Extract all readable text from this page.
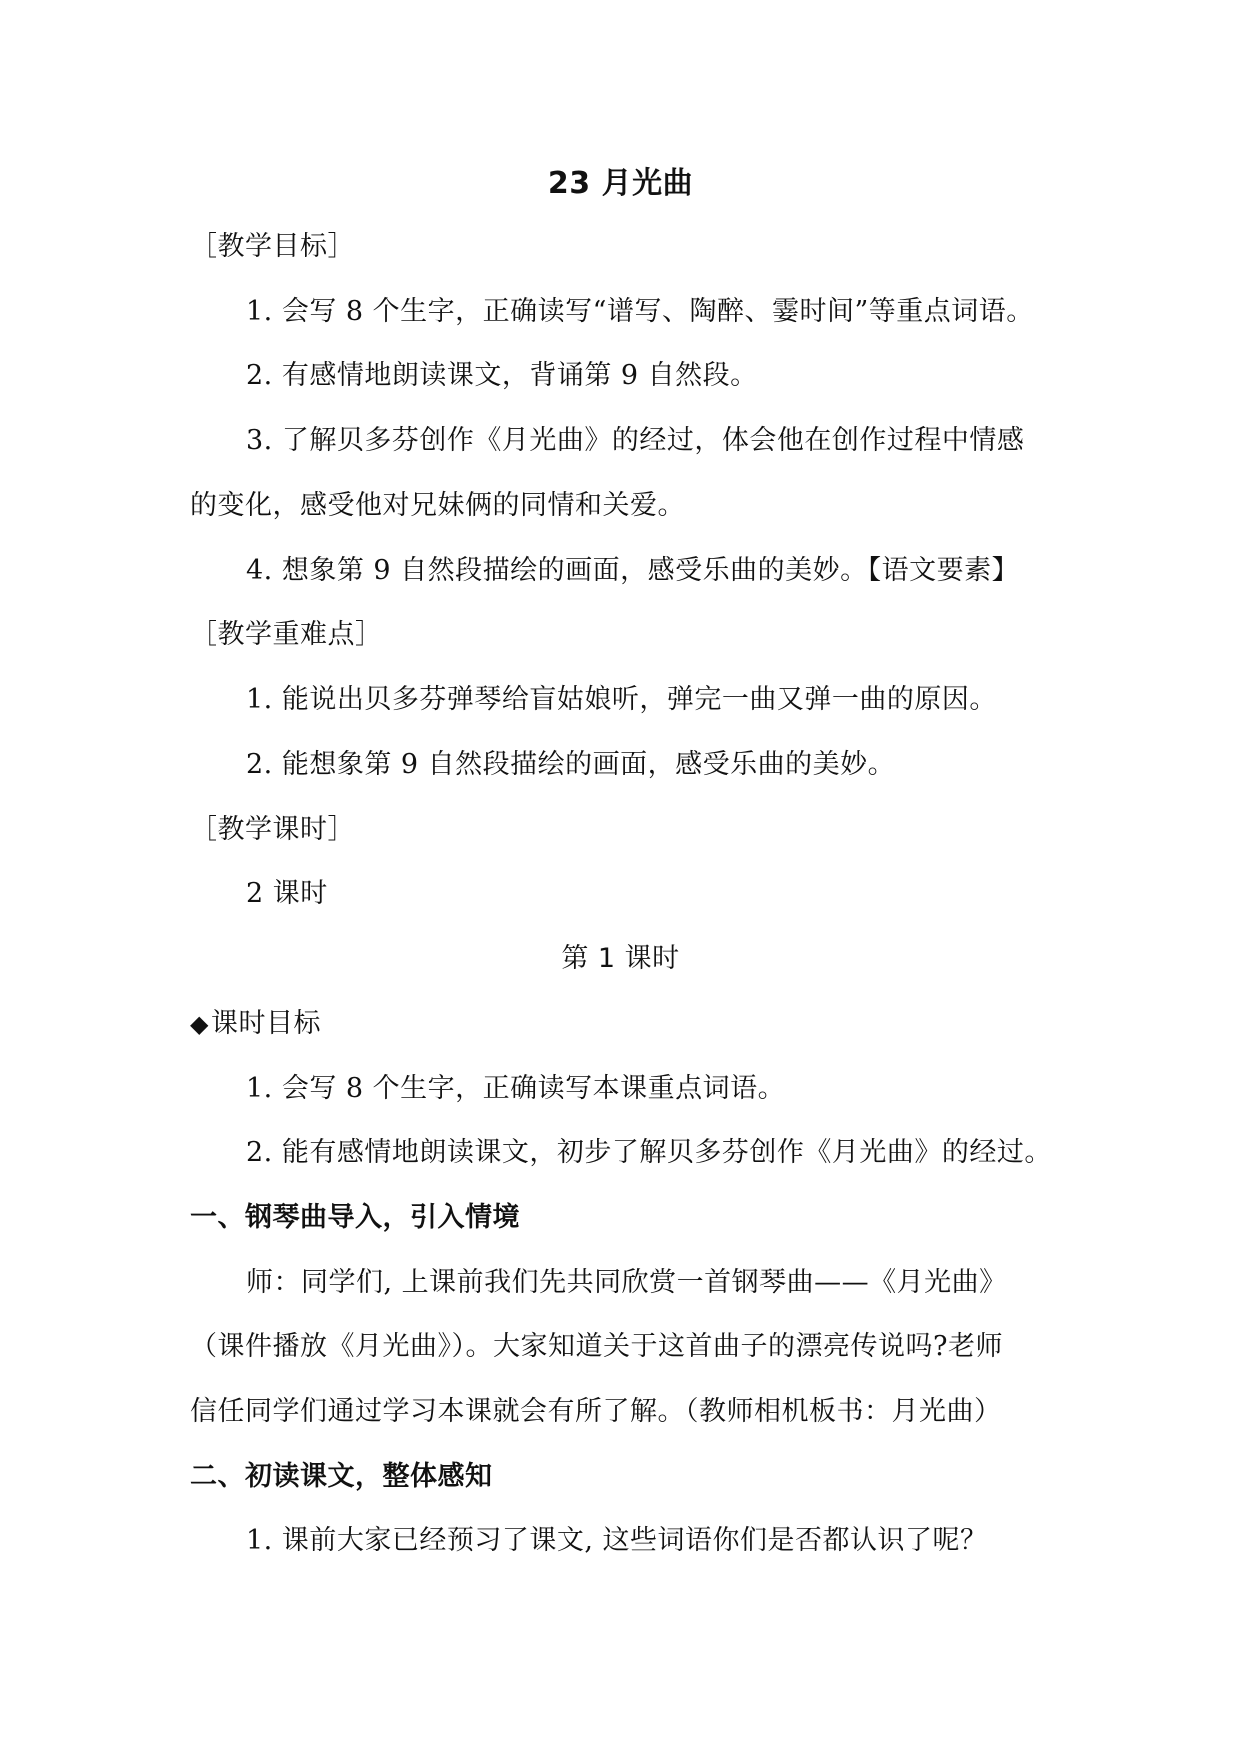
23 月光曲
［教学目标］
1. 会写 8 个生字，正确读写“谱写、陶醉、霎时间”等重点词语。
2. 有感情地朗读课文，背诵第 9 自然段。
3. 了解贝多芬创作《月光曲》的经过，体会他在创作过程中情感
的变化，感受他对兄妹俩的同情和关爱。
4. 想象第 9 自然段描绘的画面，感受乐曲的美妙。【语文要素】
［教学重难点］
1. 能说出贝多芬弹琴给盲姑娘听，弹完一曲又弹一曲的原因。
2. 能想象第 9 自然段描绘的画面，感受乐曲的美妙。
［教学课时］
2 课时
第 1 课时
◆课时目标
1. 会写 8 个生字，正确读写本课重点词语。
2. 能有感情地朗读课文，初步了解贝多芬创作《月光曲》的经过。
一、钢琴曲导入，引入情境
师：同学们, 上课前我们先共同欣赏一首钢琴曲——《月光曲》
（课件播放《月光曲》）。大家知道关于这首曲子的漂亮传说吗?老师
信任同学们通过学习本课就会有所了解。（教师相机板书：月光曲）
二、初读课文，整体感知
1. 课前大家已经预习了课文, 这些词语你们是否都认识了呢？
